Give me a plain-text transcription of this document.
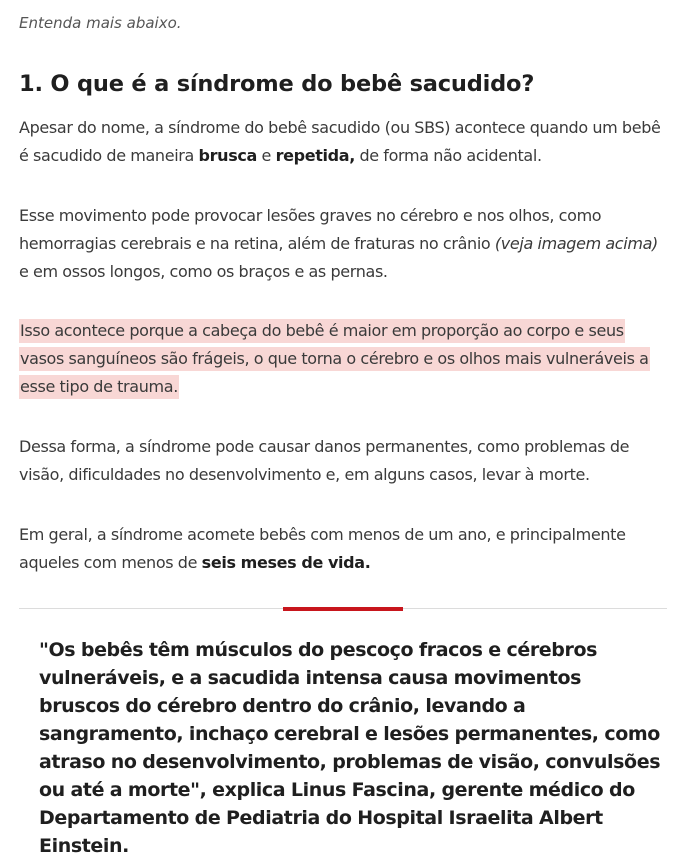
Entenda mais abaixo.

1. O que é a síndrome do bebê sacudido?

Apesar do nome, a síndrome do bebê sacudido (ou SBS) acontece quando um bebê é sacudido de maneira brusca e repetida, de forma não acidental.

Esse movimento pode provocar lesões graves no cérebro e nos olhos, como hemorragias cerebrais e na retina, além de fraturas no crânio (veja imagem acima) e em ossos longos, como os braços e as pernas.

Isso acontece porque a cabeça do bebê é maior em proporção ao corpo e seus vasos sanguíneos são frágeis, o que torna o cérebro e os olhos mais vulneráveis a esse tipo de trauma.

Dessa forma, a síndrome pode causar danos permanentes, como problemas de visão, dificuldades no desenvolvimento e, em alguns casos, levar à morte.

Em geral, a síndrome acomete bebês com menos de um ano, e principalmente aqueles com menos de seis meses de vida.

"Os bebês têm músculos do pescoço fracos e cérebros vulneráveis, e a sacudida intensa causa movimentos bruscos do cérebro dentro do crânio, levando a sangramento, inchaço cerebral e lesões permanentes, como atraso no desenvolvimento, problemas de visão, convulsões ou até a morte", explica Linus Fascina, gerente médico do Departamento de Pediatria do Hospital Israelita Albert Einstein.
